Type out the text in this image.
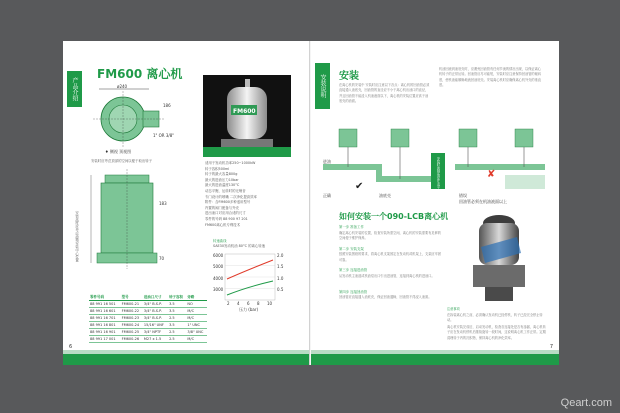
产品介绍
FM600 离心机
ø240
186
1" OR 3/8"
♦ 侧视 顶视图
安装时应考虑顶部的空间以便于取出转子
183
70
安装高度应考虑油箱安装中心位置
FM600
适用于发动机功率250~1000kW
转子容积500ml
转子的最大容量800g
最大的进油压力10bar
最大的进油温度130°C
动态平衡，运转时的无噪音
专门设计的喷嘴 二次净化提高效率
附件：含FM600多种适用型号
内置的阀门配备与外壳
进出油口对应用合适的尺寸
零件的号码 88 900 97 201
FM600离心机专利技术
转速曲线
SAE30发动机油 80°C 的离心转速
6000
5000
4000
3000
2.0
1.5
1.0
0.5
2 4 6 8 10
压力 (bar)
零件号码	型号	进油口尺寸	转子容积	旁路
88 991 16 501	FM600-21	3/4" B.S.P.	3.5	NO
88 991 16 601	FM600-22	3/4" B.S.P.	3.5	M/C
88 991 16 701	FM600-23	3/4" B.S.P.	2.5	M/C
88 991 16 801	FM600-24	15/16" UNF	3.5	1" UNC
88 991 16 901	FM600-25	3/4" NPTF	2.5	3/8" UNC
88 991 17 001	FM600-26	M27 x 1.5	2.5	M/C
6
安装说明	安装
在离心机的安装中 安装时应注意以下各点：离心机的回油管必须直接通入油底壳，回油管的直径应不小于离心机出油口的直径，并且回油管不能浸入机油液面以下，离心机的安装位置应高于油底壳的油面。
机油回流到油底壳时，应避免回油管有任何节流的情况出现，以保证离心机转子的正常运转。回油管应尽可能短，安装时应注意保持回油管的倾斜度，使机油能顺畅地流回油底壳。安装离心机时应确保离心机外壳的垂直度。
✔	安装时的倾角应在水平面15°以内	✘
正确	错误
油底壳
进油
回油管必须在机油液面以上
如何安装一个090-LCB离心机
第一步 准备工作
确定离心机安装的位置，检查安装所需空间，离心机的安装需要有足够的空间便于维护保养。
第二步 安装支架
按照安装图纸的要求，将离心机支架固定在发动机或机架上，支架应牢固可靠。
第三步 连接进油管
从发动机主油道或机油泵出口引出进油管，连接到离心机的进油口。
第四步 连接回油管
回油管应直接通入油底壳，保证回油通畅，回油管不得浸入油面。
注意事项
在拆装离心机之前，必须确认发动机已经停机，转子已经完全停止转动。
离心机安装完成后，启动发动机，检查各连接处是否有渗漏，离心机转子应在发动机停机后继续旋转一段时间，这说明离心机工作正常。定期清理转子内的沉积物，保持离心机的净化效率。
7
Qeart.com
